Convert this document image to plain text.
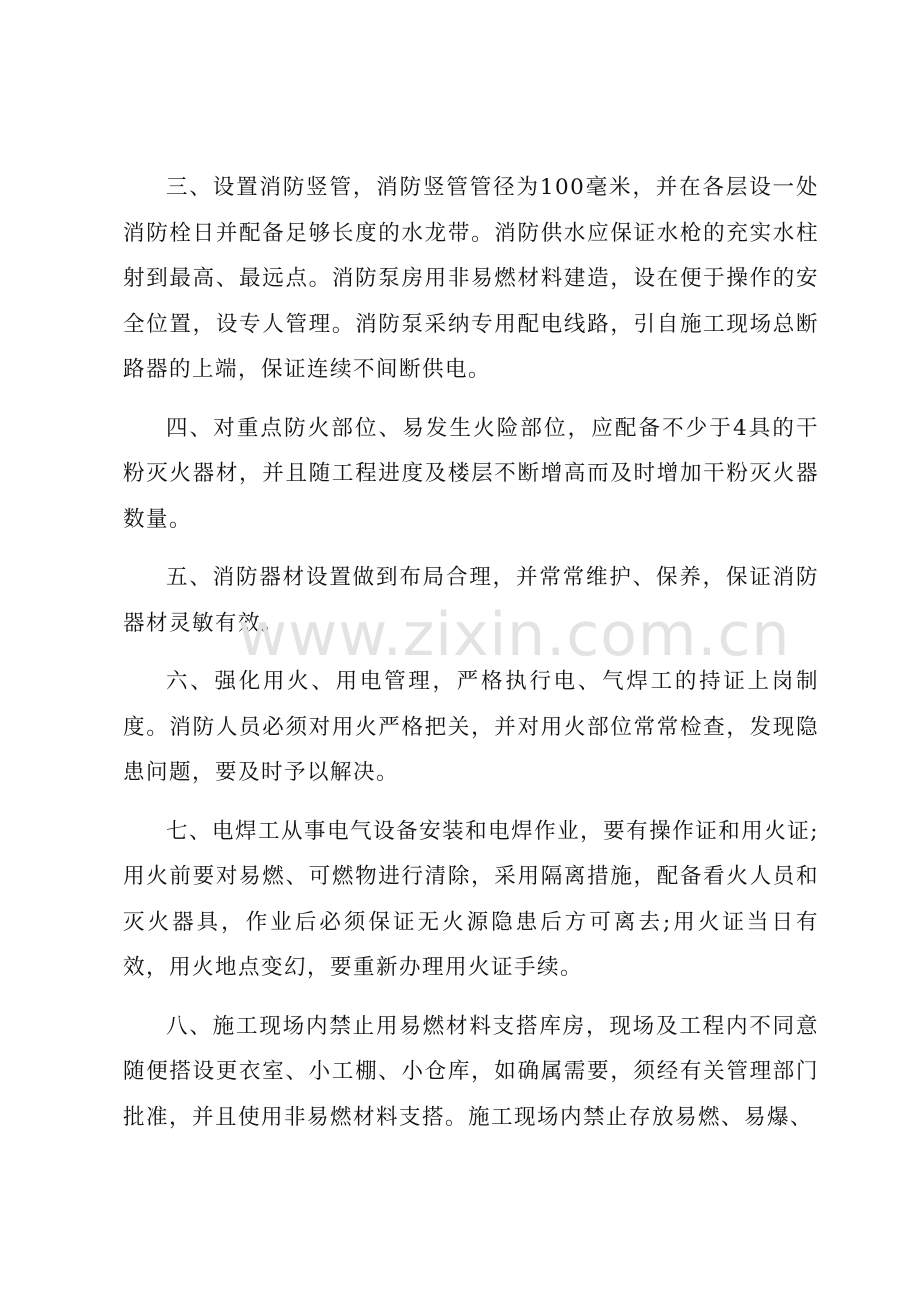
三、设置消防竖管，消防竖管管径为100毫米，并在各层设一处消防栓日并配备足够长度的水龙带。消防供水应保证水枪的充实水柱射到最高、最远点。消防泵房用非易燃材料建造，设在便于操作的安全位置，设专人管理。消防泵采纳专用配电线路，引自施工现场总断路器的上端，保证连续不间断供电。

四、对重点防火部位、易发生火险部位，应配备不少于4具的干粉灭火器材，并且随工程进度及楼层不断增高而及时增加干粉灭火器数量。

五、消防器材设置做到布局合理，并常常维护、保养，保证消防器材灵敏有效。

六、强化用火、用电管理，严格执行电、气焊工的持证上岗制度。消防人员必须对用火严格把关，并对用火部位常常检查，发现隐患问题，要及时予以解决。

七、电焊工从事电气设备安装和电焊作业，要有操作证和用火证;用火前要对易燃、可燃物进行清除，采用隔离措施，配备看火人员和灭火器具，作业后必须保证无火源隐患后方可离去;用火证当日有效，用火地点变幻，要重新办理用火证手续。

八、施工现场内禁止用易燃材料支搭库房，现场及工程内不同意随便搭设更衣室、小工棚、小仓库，如确属需要，须经有关管理部门批准，并且使用非易燃材料支搭。施工现场内禁止存放易燃、易爆、

www.zixin.com.cn
